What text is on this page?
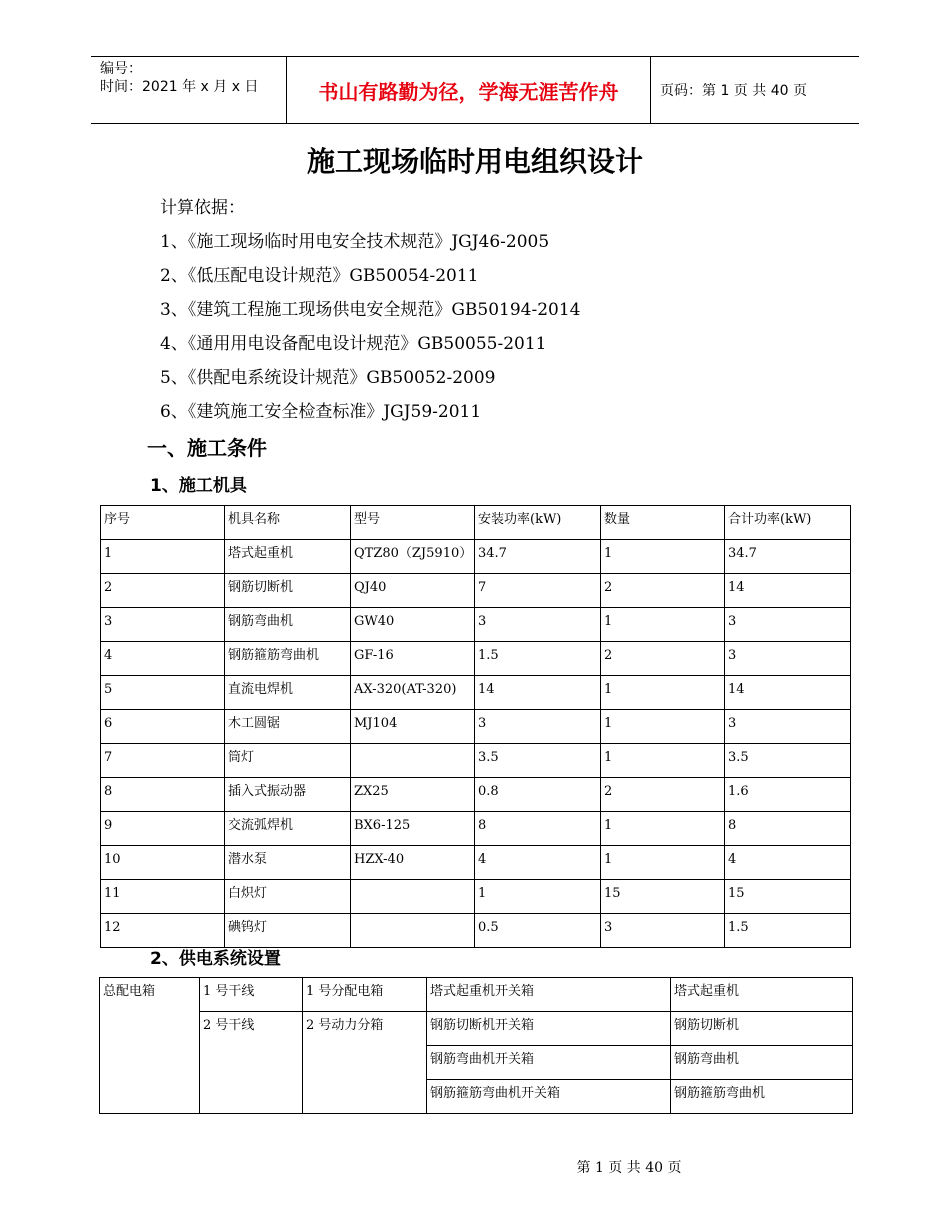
编号：
时间：2021 年 x 月 x 日	书山有路勤为径，学海无涯苦作舟	页码：第 1 页 共 40 页
施工现场临时用电组织设计
计算依据：
1、《施工现场临时用电安全技术规范》JGJ46-2005
2、《低压配电设计规范》GB50054-2011
3、《建筑工程施工现场供电安全规范》GB50194-2014
4、《通用用电设备配电设计规范》GB50055-2011
5、《供配电系统设计规范》GB50052-2009
6、《建筑施工安全检查标准》JGJ59-2011
一、施工条件
1、施工机具
序号	机具名称	型号	安装功率(kW)	数量	合计功率(kW)
1	塔式起重机	QTZ80（ZJ5910）	34.7	1	34.7
2	钢筋切断机	QJ40	7	2	14
3	钢筋弯曲机	GW40	3	1	3
4	钢筋箍筋弯曲机	GF-16	1.5	2	3
5	直流电焊机	AX-320(AT-320)	14	1	14
6	木工圆锯	MJ104	3	1	3
7	筒灯		3.5	1	3.5
8	插入式振动器	ZX25	0.8	2	1.6
9	交流弧焊机	BX6-125	8	1	8
10	潜水泵	HZX-40	4	1	4
11	白炽灯		1	15	15
12	碘钨灯		0.5	3	1.5
2、供电系统设置
总配电箱	1 号干线	1 号分配电箱	塔式起重机开关箱	塔式起重机
	2 号干线	2 号动力分箱	钢筋切断机开关箱	钢筋切断机
			钢筋弯曲机开关箱	钢筋弯曲机
			钢筋箍筋弯曲机开关箱	钢筋箍筋弯曲机
第 1 页 共 40 页
